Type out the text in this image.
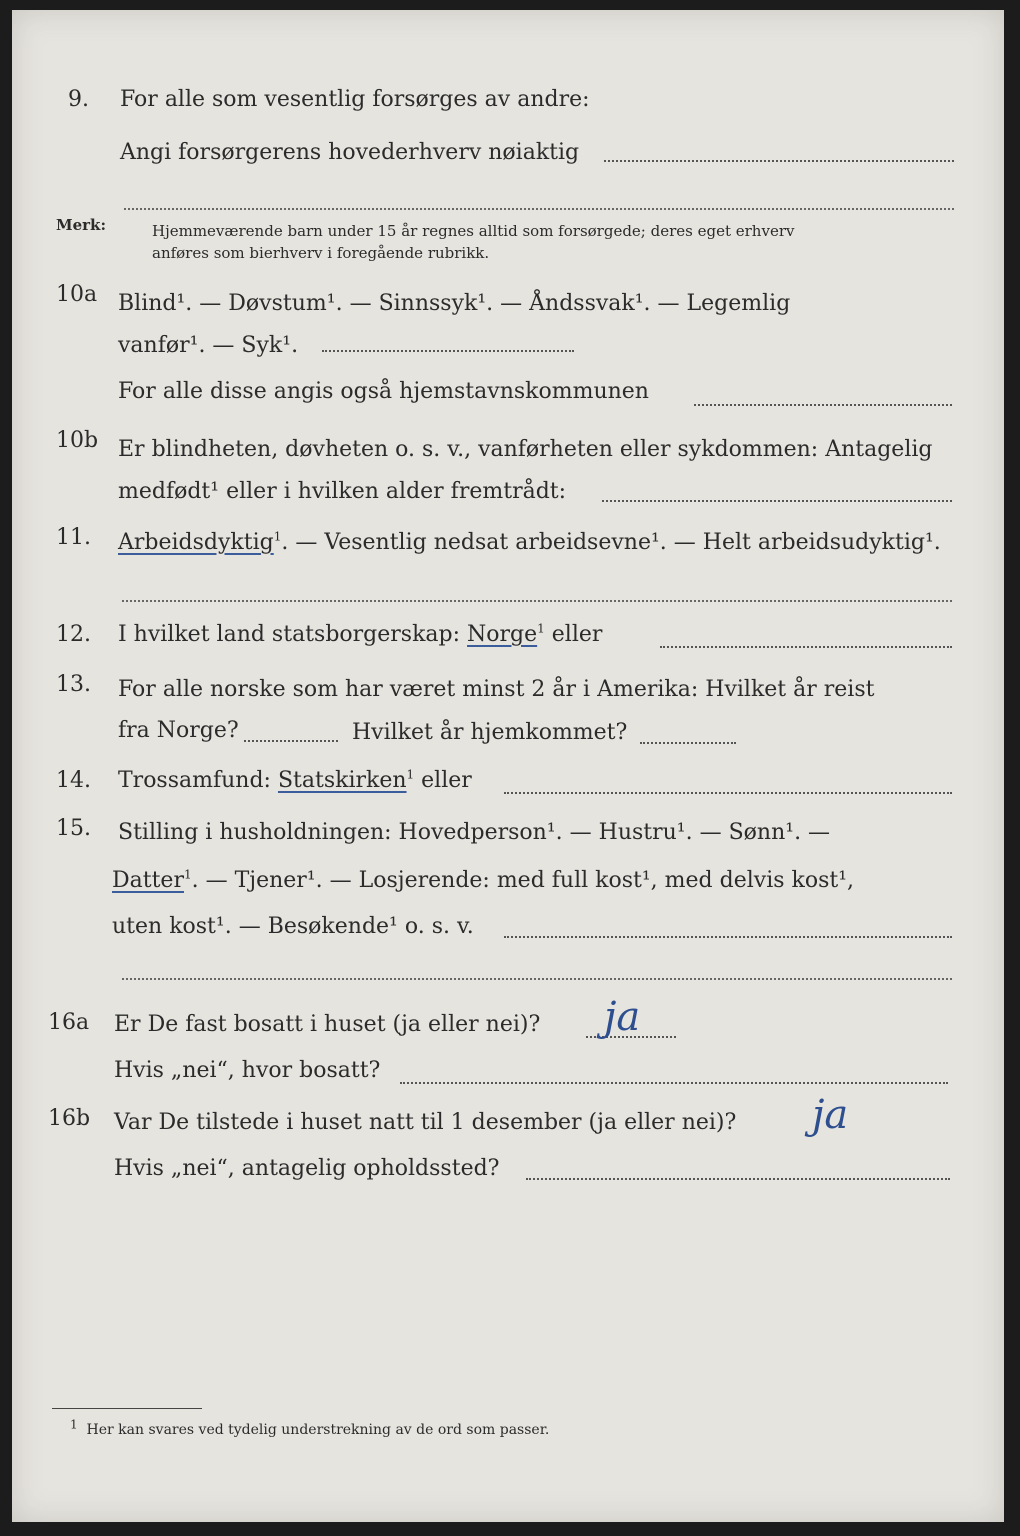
9. For alle som vesentlig forsørges av andre:
Angi forsørgerens hovederhverv nøiaktig
Merk:	Hjemmeværende barn under 15 år regnes alltid som forsørgede; deres eget erhverv
anføres som bierhverv i foregående rubrikk.
10a Blind¹. — Døvstum¹. — Sinnssyk¹. — Åndssvak¹. — Legemlig
vanfør¹. — Syk¹.
For alle disse angis også hjemstavnskommunen
10b Er blindheten, døvheten o. s. v., vanførheten eller sykdommen: Antagelig
medfødt¹ eller i hvilken alder fremtrådt:
11. Arbeidsdyktig$^1$. — Vesentlig nedsat arbeidsevne¹. — Helt arbeidsudyktig¹.
12. I hvilket land statsborgerskap: Norge$^1$ eller
13. For alle norske som har været minst 2 år i Amerika: Hvilket år reist
fra Norge?	Hvilket år hjemkommet?
14. Trossamfund: Statskirken$^1$ eller
15. Stilling i husholdningen: Hovedperson¹. — Hustru¹. — Sønn¹. —
Datter$^1$. — Tjener¹. — Losjerende: med full kost¹, med delvis kost¹,
uten kost¹. — Besøkende¹ o. s. v.
16a Er De fast bosatt i huset (ja eller nei)? ja
Hvis „nei“, hvor bosatt?
16b Var De tilstede i huset natt til 1 desember (ja eller nei)? ja
Hvis „nei“, antagelig opholdssted?
$^1$ Her kan svares ved tydelig understrekning av de ord som passer.
